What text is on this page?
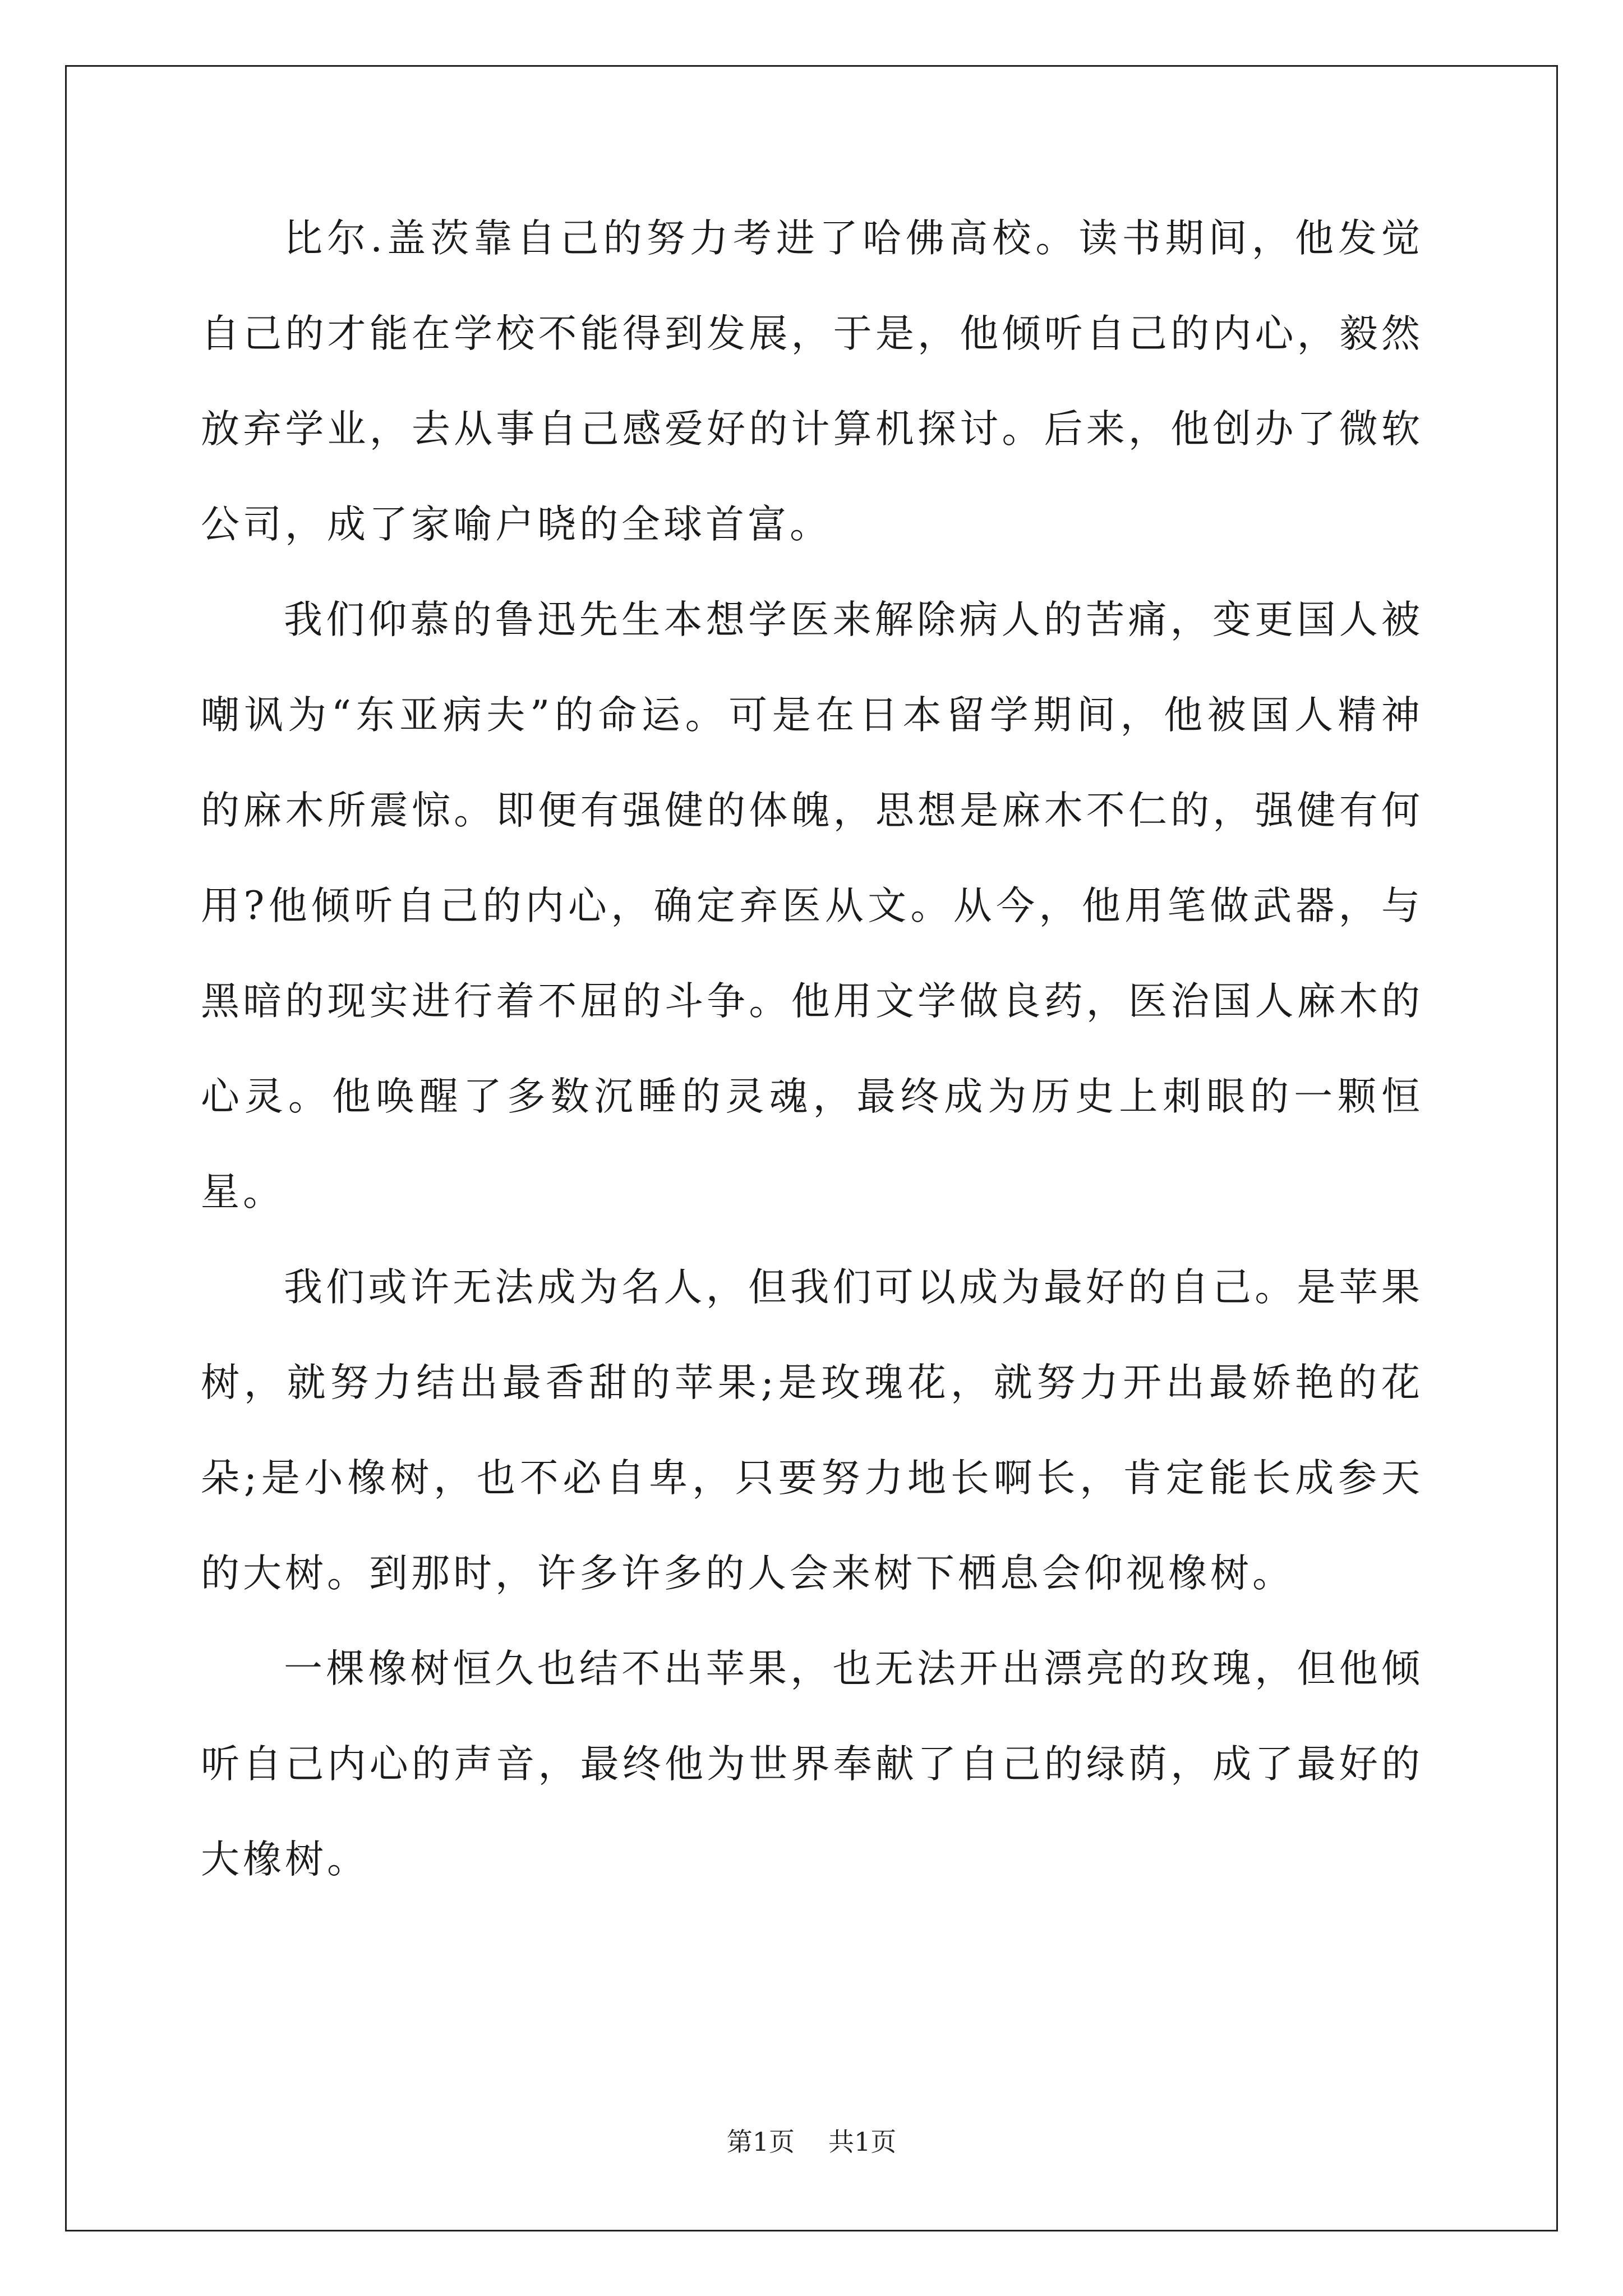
比尔.盖茨靠自己的努力考进了哈佛高校。读书期间，他发觉自己的才能在学校不能得到发展，于是，他倾听自己的内心，毅然放弃学业，去从事自己感爱好的计算机探讨。后来，他创办了微软公司，成了家喻户晓的全球首富。

我们仰慕的鲁迅先生本想学医来解除病人的苦痛，变更国人被嘲讽为“东亚病夫”的命运。可是在日本留学期间，他被国人精神的麻木所震惊。即便有强健的体魄，思想是麻木不仁的，强健有何用?他倾听自己的内心，确定弃医从文。从今，他用笔做武器，与黑暗的现实进行着不屈的斗争。他用文学做良药，医治国人麻木的心灵。他唤醒了多数沉睡的灵魂，最终成为历史上刺眼的一颗恒星。

我们或许无法成为名人，但我们可以成为最好的自己。是苹果树，就努力结出最香甜的苹果;是玫瑰花，就努力开出最娇艳的花朵;是小橡树，也不必自卑，只要努力地长啊长，肯定能长成参天的大树。到那时，许多许多的人会来树下栖息会仰视橡树。

一棵橡树恒久也结不出苹果，也无法开出漂亮的玫瑰，但他倾听自己内心的声音，最终他为世界奉献了自己的绿荫，成了最好的大橡树。

第1页 共1页
